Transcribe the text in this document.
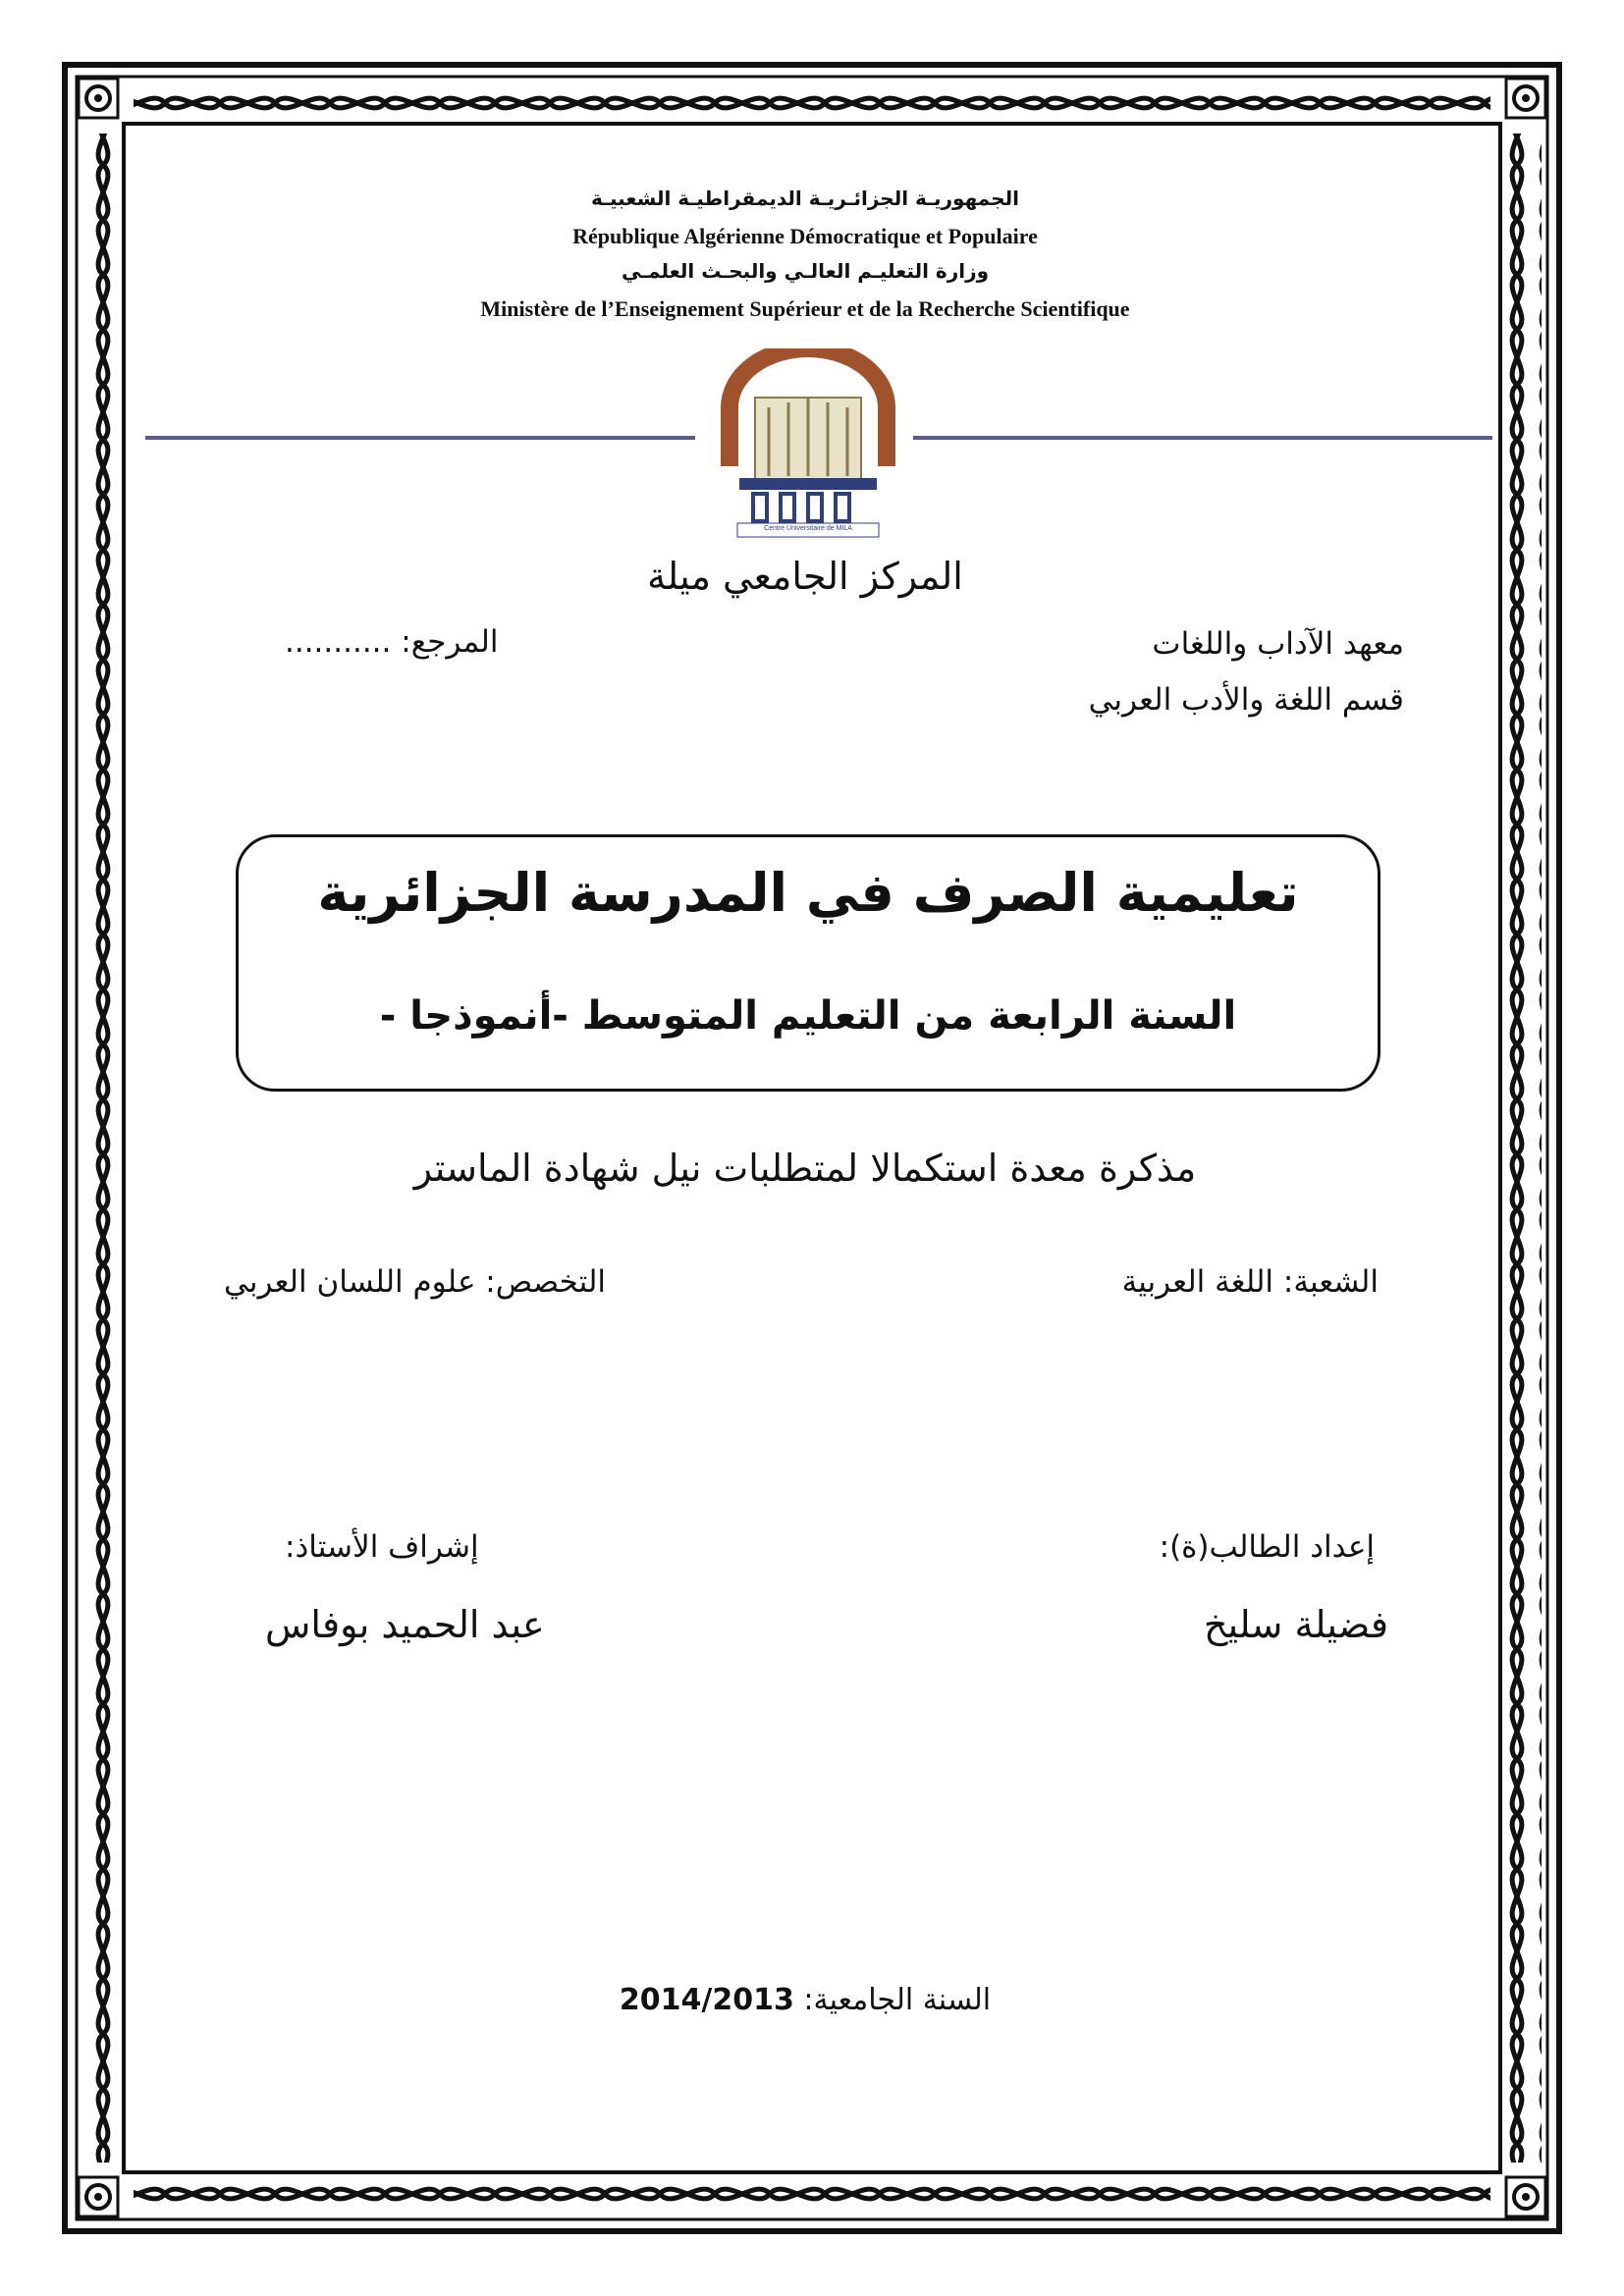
الجمهوريـة الجزائـريـة الديمقراطيـة الشعبيـة
République Algérienne Démocratique et Populaire
وزارة التعليـم العالـي والبحـث العلمـي
Ministère de l’Enseignement Supérieur et de la Recherche Scientifique
Centre Universitaire de MILA
المركز الجامعي ميلة
معهد الآداب واللغات
المرجع: ...........
قسم اللغة والأدب العربي
تعليمية الصرف في المدرسة الجزائرية
السنة الرابعة من التعليم المتوسط -أنموذجا -
مذكرة معدة استكمالا لمتطلبات نيل شهادة الماستر
الشعبة: اللغة العربية
التخصص: علوم اللسان العربي
إعداد الطالب(ة):
فضيلة سليخ
إشراف الأستاذ:
عبد الحميد بوفاس
السنة الجامعية: 2014/2013
